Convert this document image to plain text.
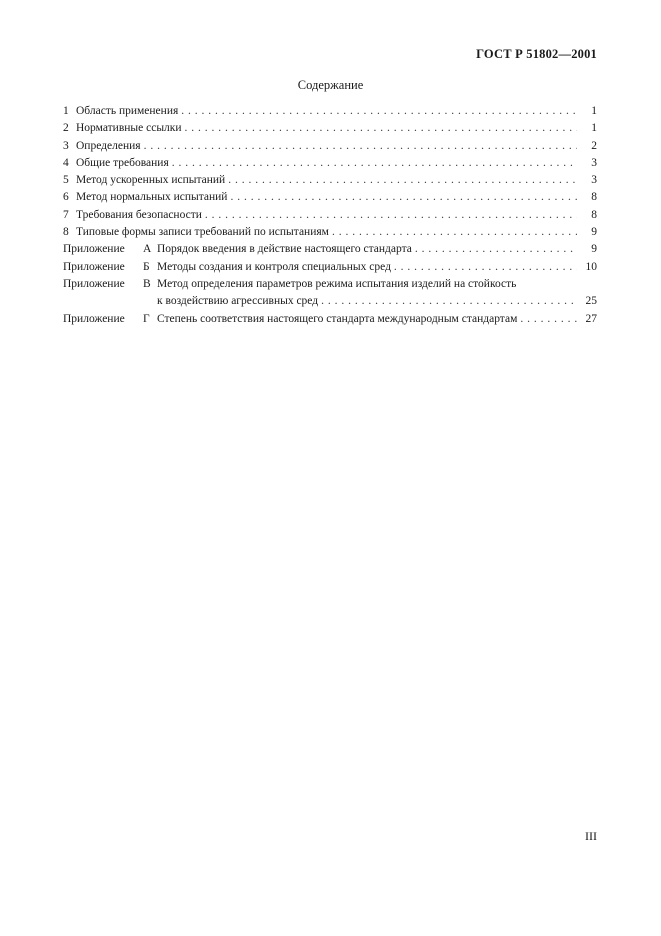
ГОСТ Р 51802—2001
Содержание
1 Область применения . . .	1
2 Нормативные ссылки . . .	1
3 Определения . . .	2
4 Общие требования . . .	3
5 Метод ускоренных испытаний . . .	3
6 Метод нормальных испытаний . . .	8
7 Требования безопасности . . .	8
8 Типовые формы записи требований по испытаниям . . .	9
Приложение	А Порядок введения в действие настоящего стандарта . . .	9
Приложение	Б Методы создания и контроля специальных сред . . .	10
Приложение	В Метод определения параметров режима испытания изделий на стойкость
к воздействию агрессивных сред . . .	25
Приложение	Г Степень соответствия настоящего стандарта международным стандартам . . .	27
III
